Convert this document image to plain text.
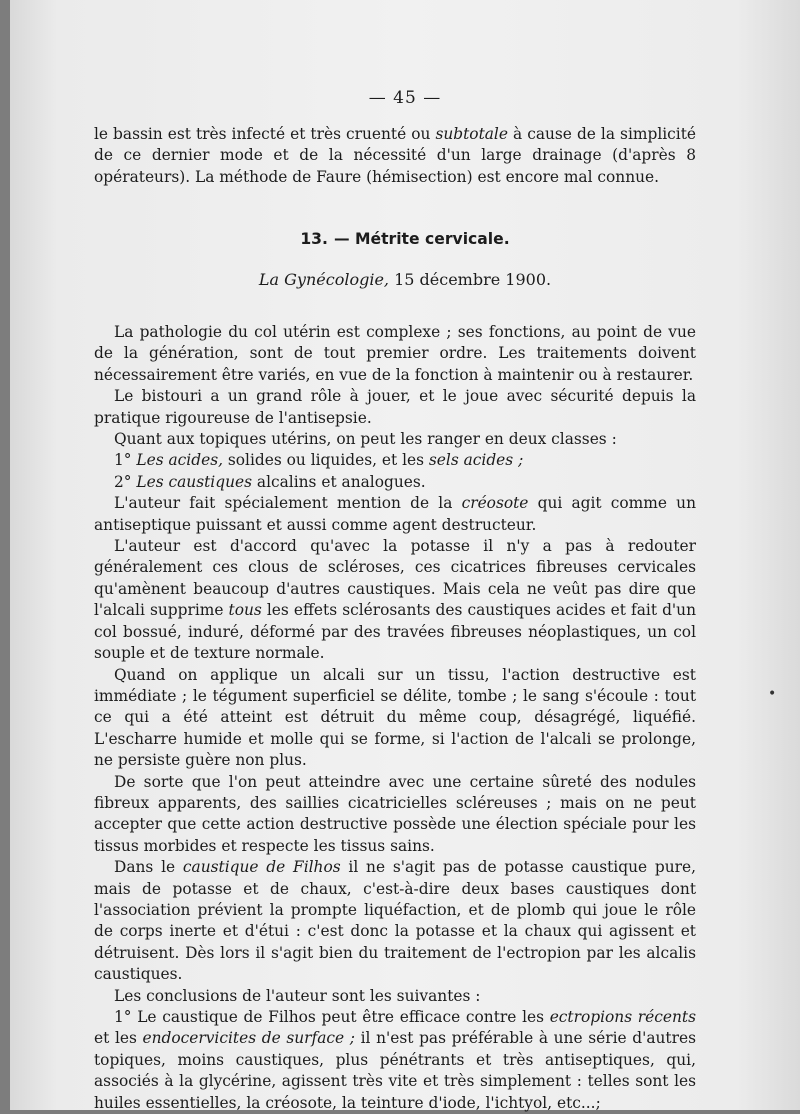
— 45 —

le bassin est très infecté et très cruenté ou subtotale à cause de la simplicité de ce dernier mode et de la nécessité d'un large drainage (d'après 8 opérateurs). La méthode de Faure (hémisection) est encore mal connue.

13. — Métrite cervicale.
La Gynécologie, 15 décembre 1900.

La pathologie du col utérin est complexe ; ses fonctions, au point de vue de la génération, sont de tout premier ordre. Les traitements doivent nécessairement être variés, en vue de la fonction à maintenir ou à restaurer.

Le bistouri a un grand rôle à jouer, et le joue avec sécurité depuis la pratique rigoureuse de l'antisepsie.

Quant aux topiques utérins, on peut les ranger en deux classes :

1° Les acides, solides ou liquides, et les sels acides ;

2° Les caustiques alcalins et analogues.

L'auteur fait spécialement mention de la créosote qui agit comme un antiseptique puissant et aussi comme agent destructeur.

L'auteur est d'accord qu'avec la potasse il n'y a pas à redouter généralement ces clous de scléroses, ces cicatrices fibreuses cervicales qu'amènent beaucoup d'autres caustiques. Mais cela ne veût pas dire que l'alcali supprime tous les effets sclérosants des caustiques acides et fait d'un col bossué, induré, déformé par des travées fibreuses néoplastiques, un col souple et de texture normale.

Quand on applique un alcali sur un tissu, l'action destructive est immédiate ; le tégument superficiel se délite, tombe ; le sang s'écoule : tout ce qui a été atteint est détruit du même coup, désagrégé, liquéfié. L'escharre humide et molle qui se forme, si l'action de l'alcali se prolonge, ne persiste guère non plus.

De sorte que l'on peut atteindre avec une certaine sûreté des nodules fibreux apparents, des saillies cicatricielles scléreuses ; mais on ne peut accepter que cette action destructive possède une élection spéciale pour les tissus morbides et respecte les tissus sains.

Dans le caustique de Filhos il ne s'agit pas de potasse caustique pure, mais de potasse et de chaux, c'est-à-dire deux bases caustiques dont l'association prévient la prompte liquéfaction, et de plomb qui joue le rôle de corps inerte et d'étui : c'est donc la potasse et la chaux qui agissent et détruisent. Dès lors il s'agit bien du traitement de l'ectropion par les alcalis caustiques.

Les conclusions de l'auteur sont les suivantes :

1° Le caustique de Filhos peut être efficace contre les ectropions récents et les endocervicites de surface ; il n'est pas préférable à une série d'autres topiques, moins caustiques, plus pénétrants et très antiseptiques, qui, associés à la glycérine, agissent très vite et très simplement : telles sont les huiles essentielles, la créosote, la teinture d'iode, l'ichtyol, etc...;

•
